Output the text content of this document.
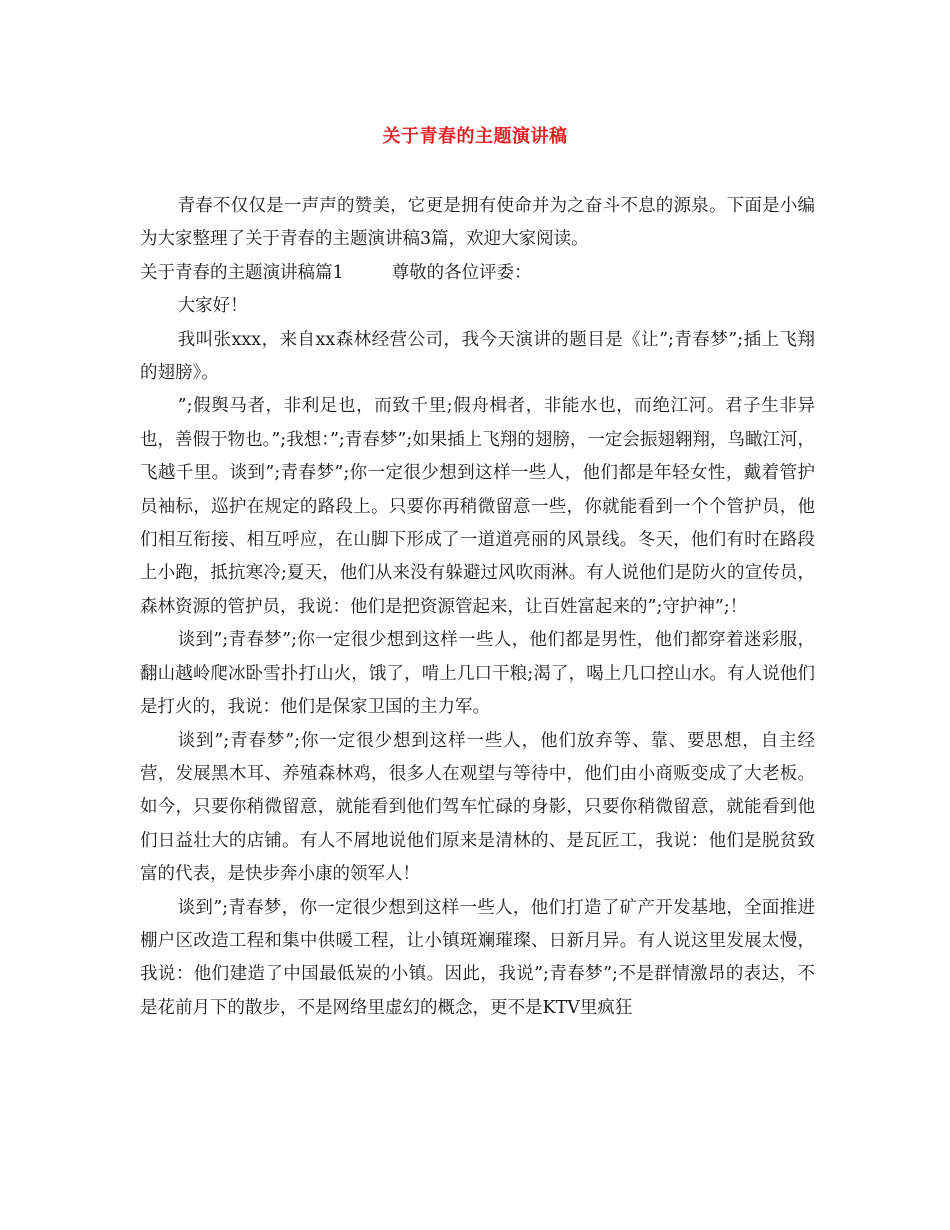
关于青春的主题演讲稿

青春不仅仅是一声声的赞美，它更是拥有使命并为之奋斗不息的源泉。下面是小编为大家整理了关于青春的主题演讲稿3篇，欢迎大家阅读。

关于青春的主题演讲稿篇1	尊敬的各位评委：

大家好！

我叫张xxx，来自xx森林经营公司，我今天演讲的题目是《让”;青春梦”;插上飞翔的翅膀》。

”;假舆马者，非利足也，而致千里;假舟楫者，非能水也，而绝江河。君子生非异也，善假于物也。”;我想：”;青春梦”;如果插上飞翔的翅膀，一定会振翅翱翔，鸟瞰江河，飞越千里。谈到”;青春梦”;你一定很少想到这样一些人，他们都是年轻女性，戴着管护员袖标，巡护在规定的路段上。只要你再稍微留意一些，你就能看到一个个管护员，他们相互衔接、相互呼应，在山脚下形成了一道道亮丽的风景线。冬天，他们有时在路段上小跑，抵抗寒冷;夏天，他们从来没有躲避过风吹雨淋。有人说他们是防火的宣传员，森林资源的管护员，我说：他们是把资源管起来，让百姓富起来的”;守护神”;！

谈到”;青春梦”;你一定很少想到这样一些人，他们都是男性，他们都穿着迷彩服，翻山越岭爬冰卧雪扑打山火，饿了，啃上几口干粮;渴了，喝上几口控山水。有人说他们是打火的，我说：他们是保家卫国的主力军。

谈到”;青春梦”;你一定很少想到这样一些人，他们放弃等、靠、要思想，自主经营，发展黑木耳、养殖森林鸡，很多人在观望与等待中，他们由小商贩变成了大老板。如今，只要你稍微留意，就能看到他们驾车忙碌的身影，只要你稍微留意，就能看到他们日益壮大的店铺。有人不屑地说他们原来是清林的、是瓦匠工，我说：他们是脱贫致富的代表，是快步奔小康的领军人！

谈到”;青春梦，你一定很少想到这样一些人，他们打造了矿产开发基地，全面推进棚户区改造工程和集中供暖工程，让小镇斑斓璀璨、日新月异。有人说这里发展太慢，我说：他们建造了中国最低炭的小镇。因此，我说”;青春梦”;不是群情激昂的表达，不是花前月下的散步，不是网络里虚幻的概念，更不是KTV里疯狂
